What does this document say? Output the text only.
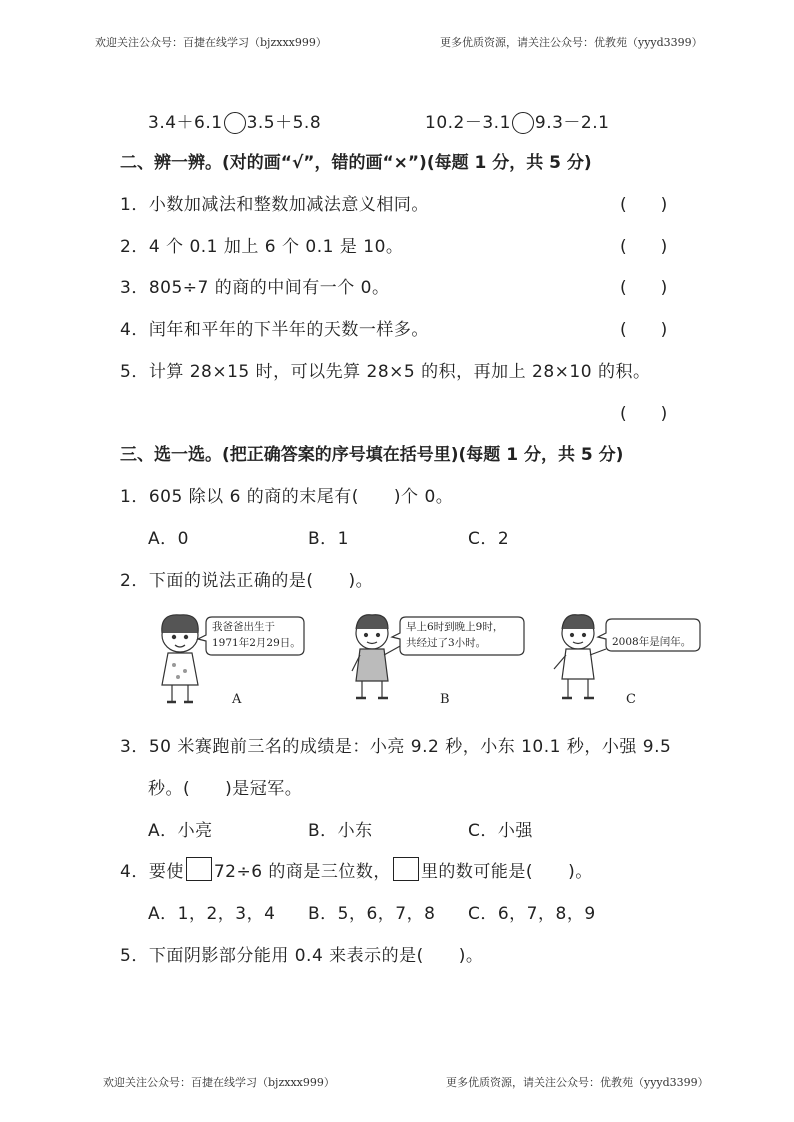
欢迎关注公众号：百捷在线学习（bjzxxx999）	更多优质资源，请关注公众号：优教苑（yyyd3399）
3.4＋6.1 3.5＋5.8	10.2－3.1 9.3－2.1
二、辨一辨。(对的画“√”，错的画“×”)(每题 1 分，共 5 分)
1．小数加减法和整数加减法意义相同。	(　　)
2．4 个 0.1 加上 6 个 0.1 是 10。	(　　)
3．805÷7 的商的中间有一个 0。	(　　)
4．闰年和平年的下半年的天数一样多。	(　　)
5．计算 28×15 时，可以先算 28×5 的积，再加上 28×10 的积。
(　　)
三、选一选。(把正确答案的序号填在括号里)(每题 1 分，共 5 分)
1．605 除以 6 的商的末尾有(　　)个 0。
A．0	B．1	C．2
2．下面的说法正确的是(　　)。
我爸爸出生于
1971年2月29日。
早上6时到晚上9时，
共经过了3小时。	2008年是闰年。
A	B	C
3．50 米赛跑前三名的成绩是：小亮 9.2 秒，小东 10.1 秒，小强 9.5
秒。(　　)是冠军。
A．小亮	B．小东	C．小强
4．要使 72÷6 的商是三位数， 里的数可能是(　　)。
A．1，2，3，4 B．5，6，7，8 C．6，7，8，9
5．下面阴影部分能用 0.4 来表示的是(　　)。
欢迎关注公众号：百捷在线学习（bjzxxx999）	更多优质资源，请关注公众号：优教苑（yyyd3399）
